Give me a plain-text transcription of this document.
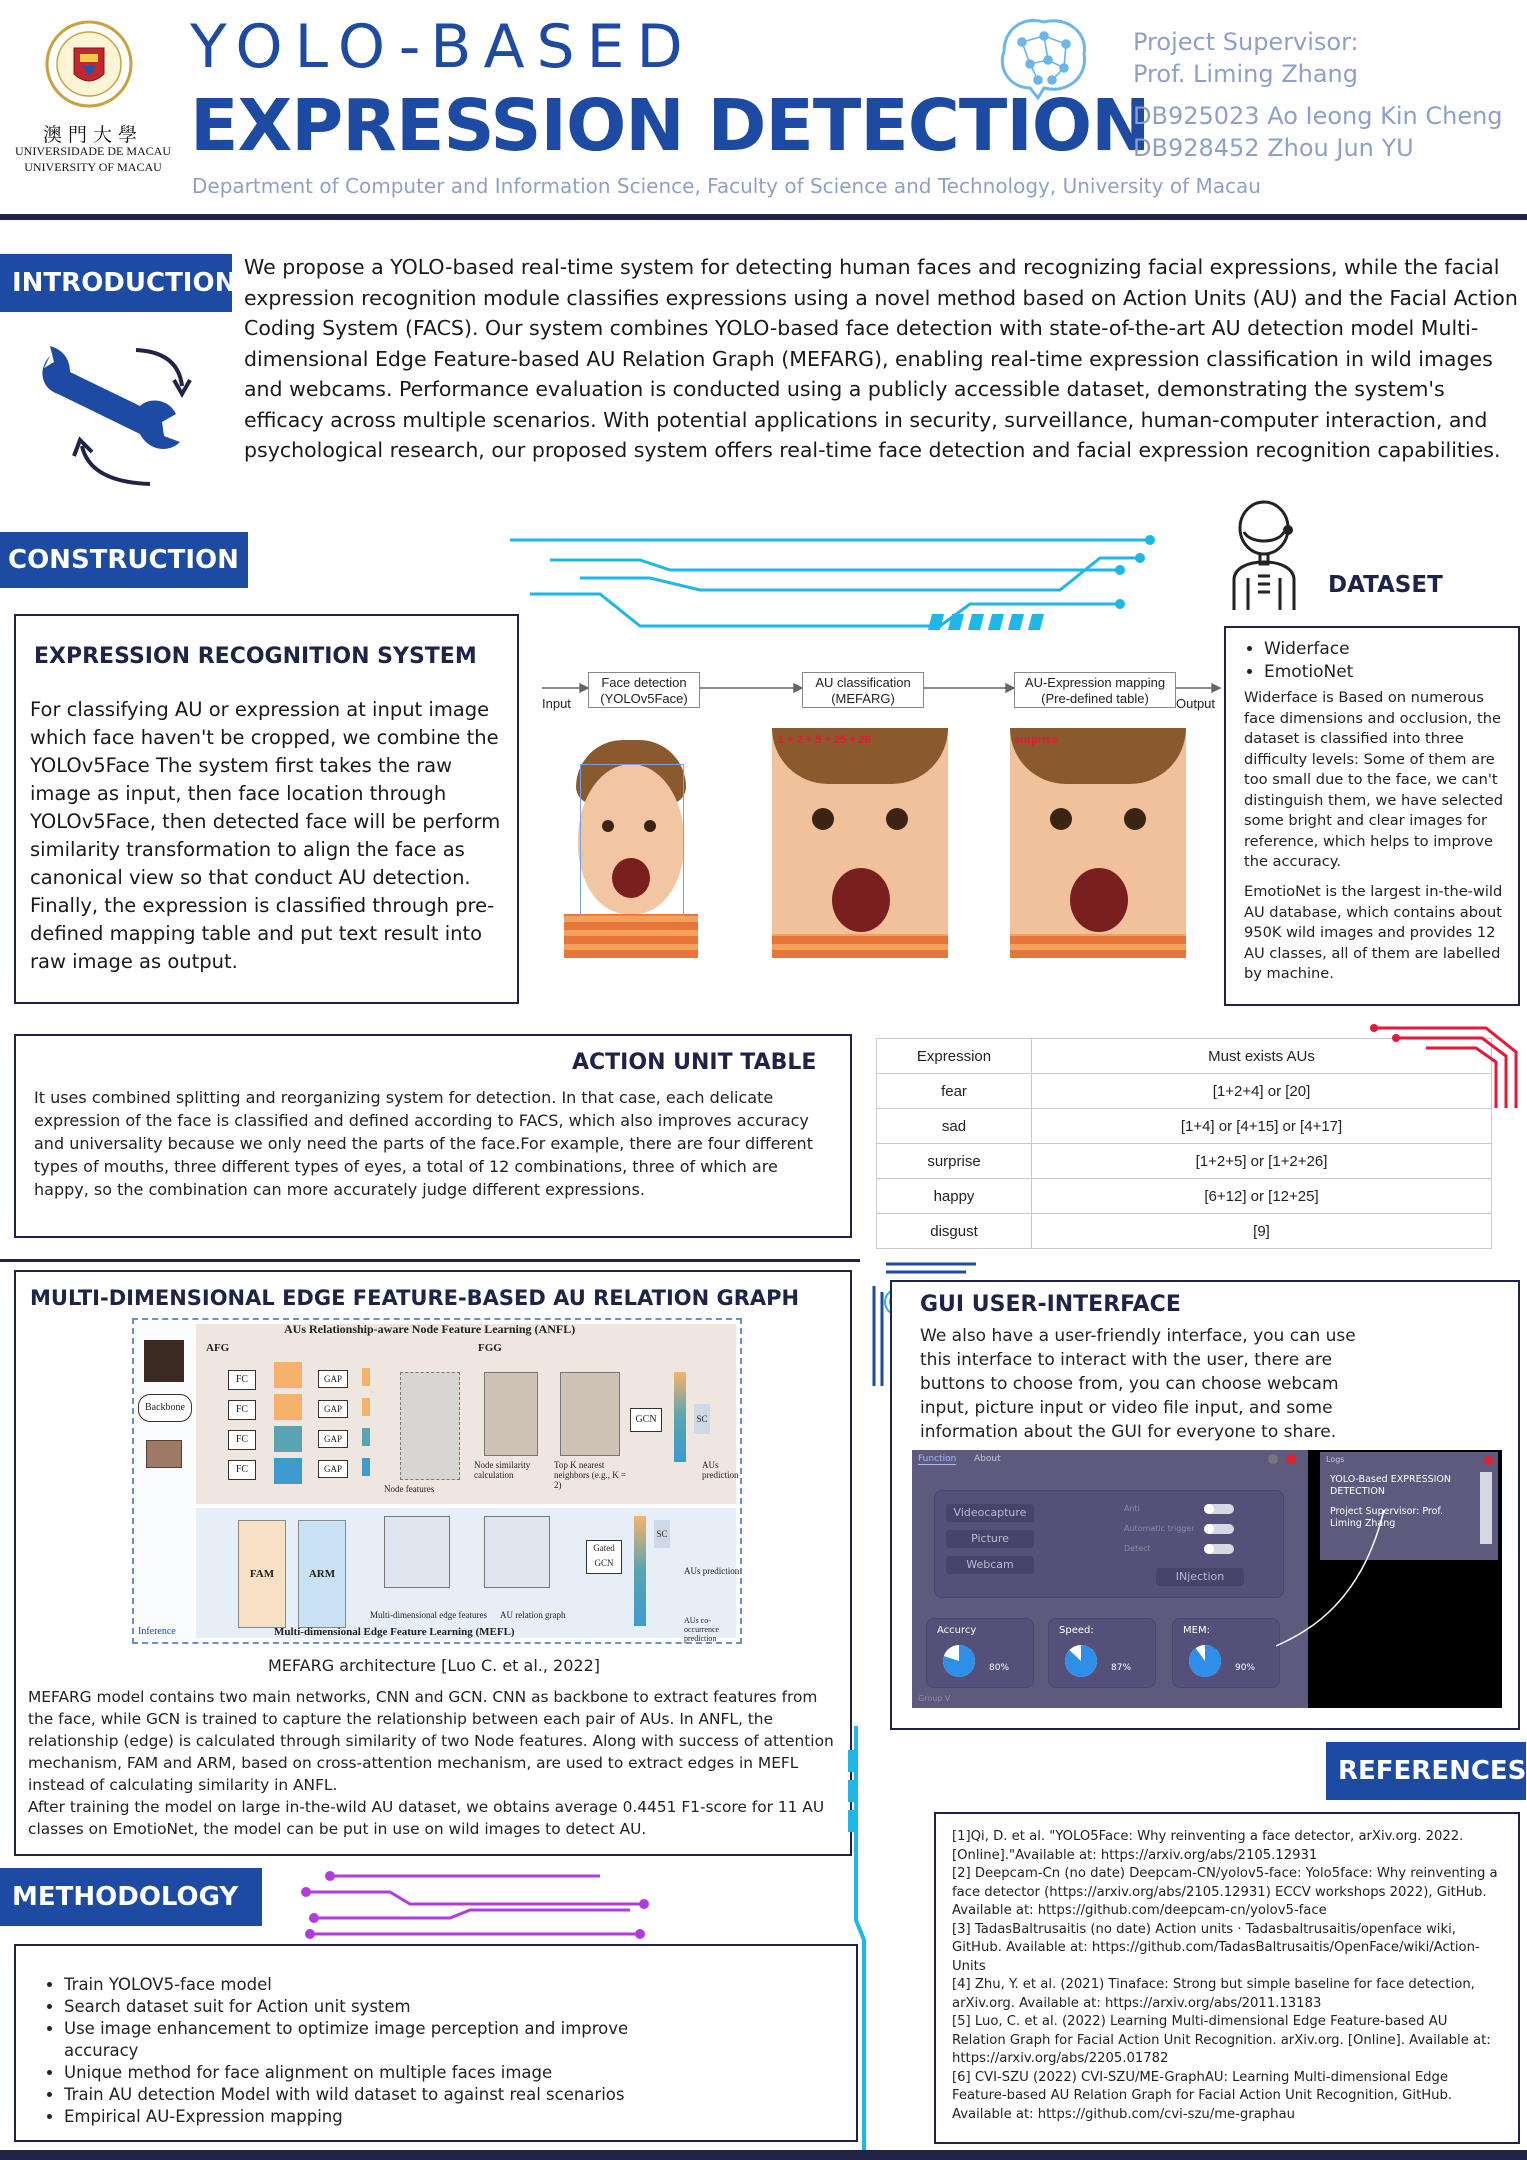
澳門大學
UNIVERSIDADE DE MACAU
UNIVERSITY OF MACAU
YOLO-BASED
EXPRESSION DETECTION
Department of Computer and Information Science, Faculty of Science and Technology, University of Macau
Project Supervisor:
Prof. Liming Zhang
DB925023 Ao Ieong Kin Cheng
DB928452 Zhou Jun YU
INTRODUCTION
We propose a YOLO-based real-time system for detecting human faces and recognizing facial expressions, while the facial expression recognition module classifies expressions using a novel method based on Action Units (AU) and the Facial Action Coding System (FACS). Our system combines YOLO-based face detection with state-of-the-art AU detection model Multi-dimensional Edge Feature-based AU Relation Graph (MEFARG), enabling real-time expression classification in wild images and webcams. Performance evaluation is conducted using a publicly accessible dataset, demonstrating the system's efficacy across multiple scenarios. With potential applications in security, surveillance, human-computer interaction, and psychological research, our proposed system offers real-time face detection and facial expression recognition capabilities.
CONSTRUCTION
DATASET
EXPRESSION RECOGNITION SYSTEM
For classifying AU or expression at input image which face haven't be cropped, we combine the YOLOv5Face The system first takes the raw image as input, then face location through YOLOv5Face, then detected face will be perform similarity transformation to align the face as canonical view so that conduct AU detection. Finally, the expression is classified through pre-defined mapping table and put text result into raw image as output.
Input	Output
Face detection
(YOLOv5Face)
AU classification
(MEFARG)
AU-Expression mapping
(Pre-defined table)
1 + 2 + 5 + 25 + 26	surprise
• Widerface
• EmotioNet
Widerface is Based on numerous face dimensions and occlusion, the dataset is classified into three difficulty levels: Some of them are too small due to the face, we can't distinguish them, we have selected some bright and clear images for reference, which helps to improve the accuracy.
EmotioNet is the largest in-the-wild AU database, which contains about 950K wild images and provides 12 AU classes, all of them are labelled by machine.
ACTION UNIT TABLE
It uses combined splitting and reorganizing system for detection. In that case, each delicate expression of the face is classified and defined according to FACS, which also improves accuracy and universality because we only need the parts of the face.For example, there are four different types of mouths, three different types of eyes, a total of 12 combinations, three of which are happy, so the combination can more accurately judge different expressions.
Expression	Must exists AUs
fear	[1+2+4] or [20]
sad	[1+4] or [4+15] or [4+17]
surprise	[1+2+5] or [1+2+26]
happy	[6+12] or [12+25]
disgust	[9]
MULTI-DIMENSIONAL EDGE FEATURE-BASED AU RELATION GRAPH
AUs Relationship-aware Node Feature Learning (ANFL)
AFG	FGG
Backbone
FC
FC
FC
FC
GAP
GAP
GAP
GAP
Node features
Node similarity calculation
Top K nearest neighbors (e.g., K = 2)
GCN	SC
AUs prediction
FAM	ARM
Multi-dimensional edge features	AU relation graph
Gated
GCN
SC
AUs prediction
AUs co-occurrence prediction
Inference	Multi-dimensional Edge Feature Learning (MEFL)
MEFARG architecture [Luo C. et al., 2022]
MEFARG model contains two main networks, CNN and GCN. CNN as backbone to extract features from the face, while GCN is trained to capture the relationship between each pair of AUs. In ANFL, the relationship (edge) is calculated through similarity of two Node features. Along with success of attention mechanism, FAM and ARM, based on cross-attention mechanism, are used to extract edges in MEFL instead of calculating similarity in ANFL.
After training the model on large in-the-wild AU dataset, we obtains average 0.4451 F1-score for 11 AU classes on EmotioNet, the model can be put in use on wild images to detect AU.
GUI USER-INTERFACE
We also have a user-friendly interface, you can use this interface to interact with the user, there are buttons to choose from, you can choose webcam input, picture input or video file input, and some information about the GUI for everyone to share.
Function About
Videocapture
Picture
Webcam
Anti
Automatic trigger
Detect
INjection
Accurcy
80%
Speed:
87%
MEM:
90%
Group V
Logs
YOLO-Based EXPRESSION DETECTION
Project Supervisor: Prof. Liming Zhang
REFERENCES

[1]Qi, D. et al. "YOLO5Face: Why reinventing a face detector, arXiv.org. 2022. [Online]."Available at: https://arxiv.org/abs/2105.12931

[2] Deepcam-Cn (no date) Deepcam-CN/yolov5-face: Yolo5face: Why reinventing a face detector (https://arxiv.org/abs/2105.12931) ECCV workshops 2022), GitHub. Available at: https://github.com/deepcam-cn/yolov5-face

[3] TadasBaltrusaitis (no date) Action units · Tadasbaltrusaitis/openface wiki, GitHub. Available at: https://github.com/TadasBaltrusaitis/OpenFace/wiki/Action-Units

[4] Zhu, Y. et al. (2021) Tinaface: Strong but simple baseline for face detection, arXiv.org. Available at: https://arxiv.org/abs/2011.13183

[5] Luo, C. et al. (2022) Learning Multi-dimensional Edge Feature-based AU Relation Graph for Facial Action Unit Recognition. arXiv.org. [Online]. Available at: https://arxiv.org/abs/2205.01782

[6] CVI-SZU (2022) CVI-SZU/ME-GraphAU: Learning Multi-dimensional Edge Feature-based AU Relation Graph for Facial Action Unit Recognition, GitHub. Available at: https://github.com/cvi-szu/me-graphau

METHODOLOGY
• Train YOLOV5-face model
• Search dataset suit for Action unit system
• Use image enhancement to optimize image perception and improve accuracy
• Unique method for face alignment on multiple faces image
• Train AU detection Model with wild dataset to against real scenarios
• Empirical AU-Expression mapping
